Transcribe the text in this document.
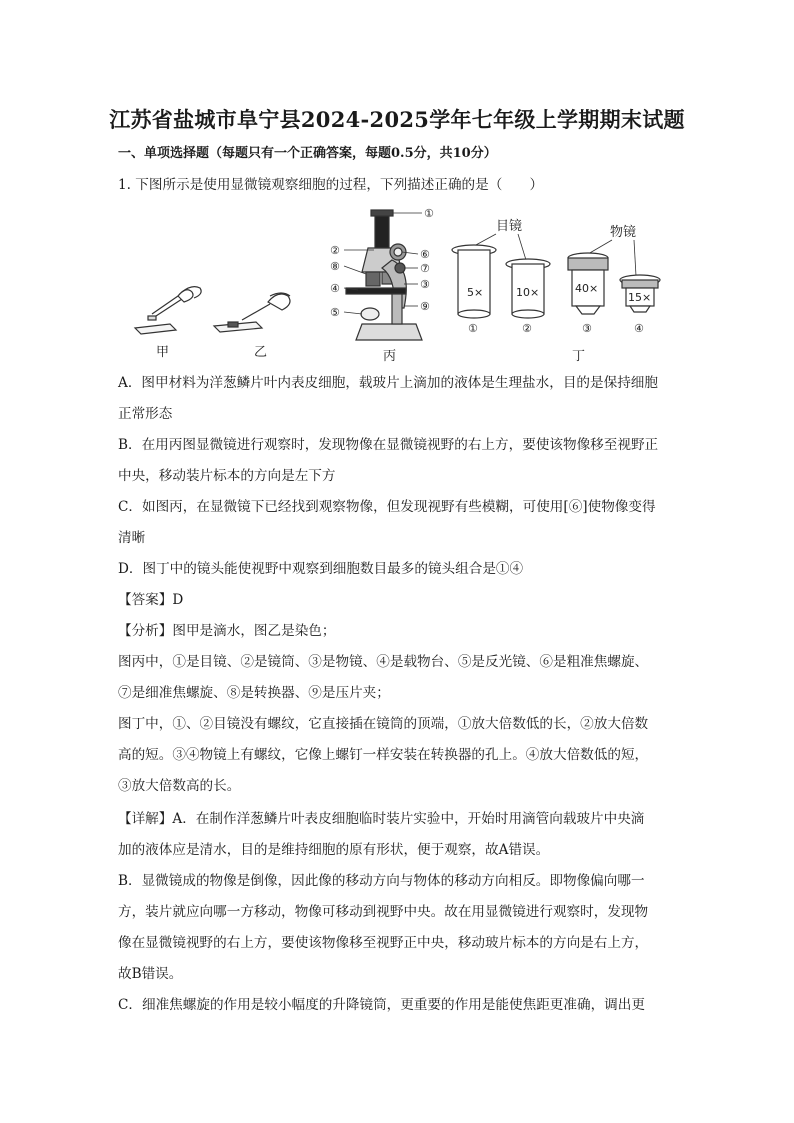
江苏省盐城市阜宁县2024-2025学年七年级上学期期末试题
一、单项选择题（每题只有一个正确答案，每题0.5分，共10分）
1. 下图所示是使用显微镜观察细胞的过程，下列描述正确的是（　　）
甲	乙
①
②
③
④
⑤
⑥
⑦
⑧
⑨
丙
目镜	物镜
5×
①
10×
②
40×
③
15×
④
丁
A．图甲材料为洋葱鳞片叶内表皮细胞，载玻片上滴加的液体是生理盐水，目的是保持细胞
正常形态
B．在用丙图显微镜进行观察时，发现物像在显微镜视野的右上方，要使该物像移至视野正
中央，移动装片标本的方向是左下方
C．如图丙，在显微镜下已经找到观察物像，但发现视野有些模糊，可使用[⑥]使物像变得
清晰
D．图丁中的镜头能使视野中观察到细胞数目最多的镜头组合是①④
【答案】D
【分析】图甲是滴水，图乙是染色；
图丙中，①是目镜、②是镜筒、③是物镜、④是载物台、⑤是反光镜、⑥是粗准焦螺旋、
⑦是细准焦螺旋、⑧是转换器、⑨是压片夹；
图丁中，①、②目镜没有螺纹，它直接插在镜筒的顶端，①放大倍数低的长，②放大倍数
高的短。③④物镜上有螺纹，它像上螺钉一样安装在转换器的孔上。④放大倍数低的短，
③放大倍数高的长。
【详解】A．在制作洋葱鳞片叶表皮细胞临时装片实验中，开始时用滴管向载玻片中央滴
加的液体应是清水，目的是维持细胞的原有形状，便于观察，故A错误。
B．显微镜成的物像是倒像，因此像的移动方向与物体的移动方向相反。即物像偏向哪一
方，装片就应向哪一方移动，物像可移动到视野中央。故在用显微镜进行观察时，发现物
像在显微镜视野的右上方，要使该物像移至视野正中央，移动玻片标本的方向是右上方，
故B错误。
C．细准焦螺旋的作用是较小幅度的升降镜筒，更重要的作用是能使焦距更准确，调出更
